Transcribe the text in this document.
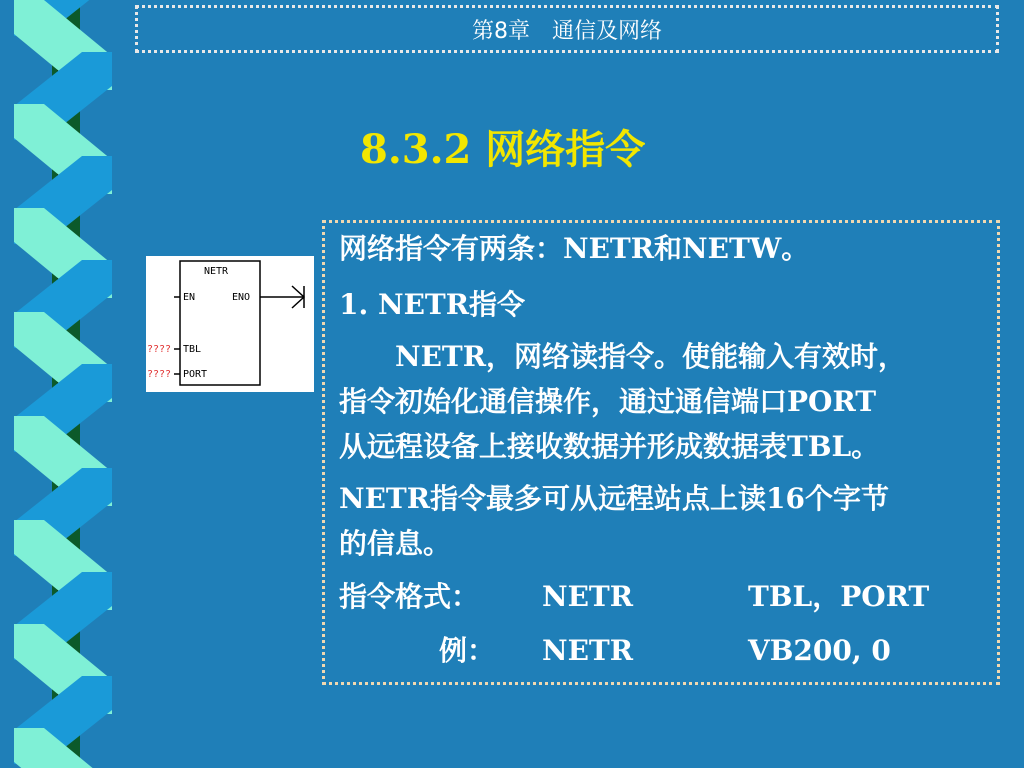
第8章　通信及网络
8.3.2 网络指令
NETR
EN	ENO
???? TBL
???? PORT
网络指令有两条：NETR和NETW。
1. NETR指令
　　NETR，网络读指令。使能输入有效时，
指令初始化通信操作，通过通信端口PORT
从远程设备上接收数据并形成数据表TBL。
NETR指令最多可从远程站点上读16个字节
的信息。
指令格式： NETR	TBL，PORT
例： NETR	VB200, 0
